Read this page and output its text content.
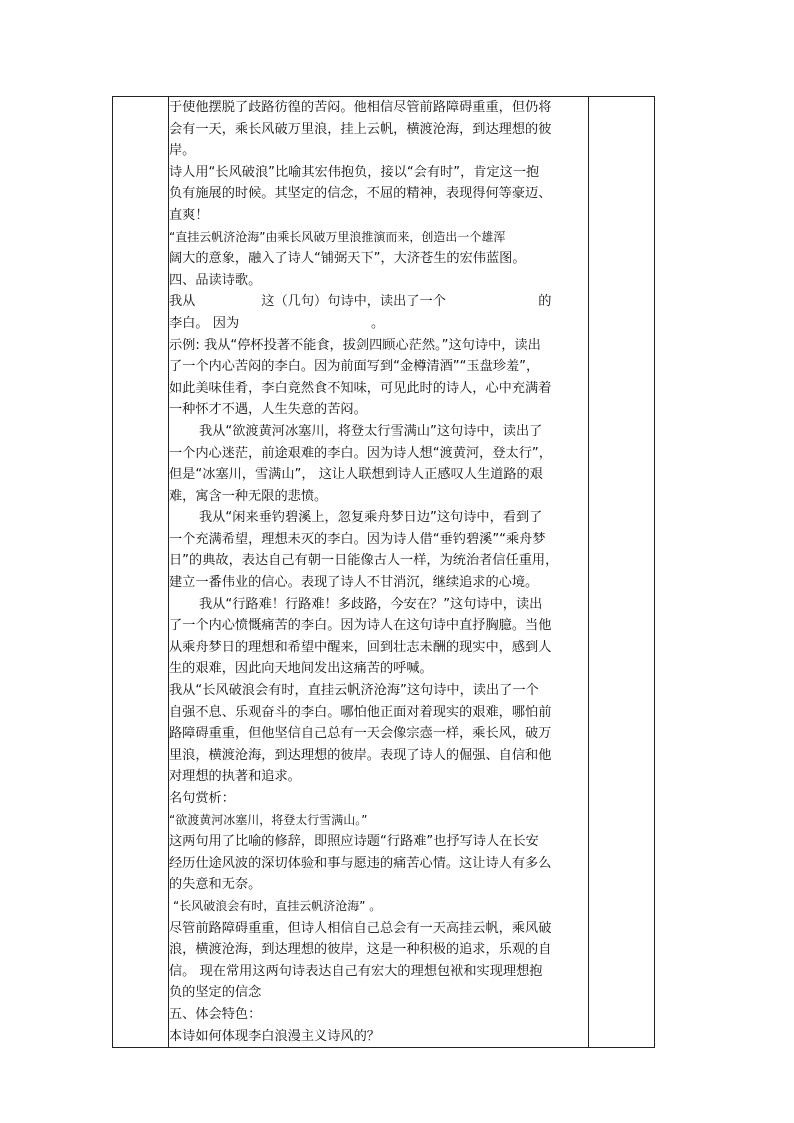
于使他摆脱了歧路彷徨的苦闷。他相信尽管前路障碍重重，但仍将
会有一天，乘长风破万里浪，挂上云帆，横渡沧海，到达理想的彼
岸。
诗人用“长风破浪”比喻其宏伟抱负，接以“会有时”，肯定这一抱
负有施展的时候。其坚定的信念，不屈的精神，表现得何等豪迈、
直爽！
“直挂云帆济沧海”由乘长风破万里浪推演而来，创造出一个雄浑
阔大的意象，融入了诗人“铺弼天下”，大济苍生的宏伟蓝图。
四、品读诗歌。
我从　　　　　这（几句）句诗中，读出了一个　　　　　　　的
李白。 因为　　　　　　　　　　。
示例: 我从“停杯投著不能食，拔剑四顾心茫然。”这句诗中，读出
了一个内心苦闷的李白。因为前面写到“金樽清酒”“玉盘珍羞”，
如此美味佳肴，李白竟然食不知味，可见此时的诗人，心中充满着
一种怀才不遇，人生失意的苦闷。
我从“欲渡黄河冰塞川，将登太行雪满山”这句诗中，读出了
一个内心迷茫，前途艰难的李白。因为诗人想“渡黄河，登太行”，
但是“冰塞川，雪满山”， 这让人联想到诗人正感叹人生道路的艰
难，寓含一种无限的悲愤。
我从“闲来垂钓碧溪上，忽复乘舟梦日边”这句诗中，看到了
一个充满希望，理想未灭的李白。因为诗人借“垂钓碧溪”“乘舟梦
日”的典故，表达自己有朝一日能像古人一样，为统治者信任重用，
建立一番伟业的信心。表现了诗人不甘消沉，继续追求的心境。
我从“行路难！行路难！多歧路，今安在？”这句诗中，读出
了一个内心愤慨痛苦的李白。因为诗人在这句诗中直抒胸臆。当他
从乘舟梦日的理想和希望中醒来，回到壮志未酬的现实中，感到人
生的艰难，因此向天地间发出这痛苦的呼喊。
我从“长风破浪会有时，直挂云帆济沧海”这句诗中，读出了一个
自强不息、乐观奋斗的李白。哪怕他正面对着现实的艰难，哪怕前
路障碍重重，但他坚信自己总有一天会像宗悫一样，乘长风，破万
里浪，横渡沧海，到达理想的彼岸。表现了诗人的倔强、自信和他
对理想的执著和追求。
名句赏析：
“欲渡黄河冰塞川，将登太行雪满山。”
这两句用了比喻的修辞，即照应诗题“行路难”也抒写诗人在长安
经历仕途风波的深切体验和事与愿违的痛苦心情。这让诗人有多么
的失意和无奈。
“长风破浪会有时，直挂云帆济沧海” 。
尽管前路障碍重重，但诗人相信自己总会有一天高挂云帆，乘风破
浪，横渡沧海，到达理想的彼岸，这是一种积极的追求，乐观的自
信。 现在常用这两句诗表达自己有宏大的理想包袱和实现理想抱
负的坚定的信念
五、体会特色：
本诗如何体现李白浪漫主义诗风的？
